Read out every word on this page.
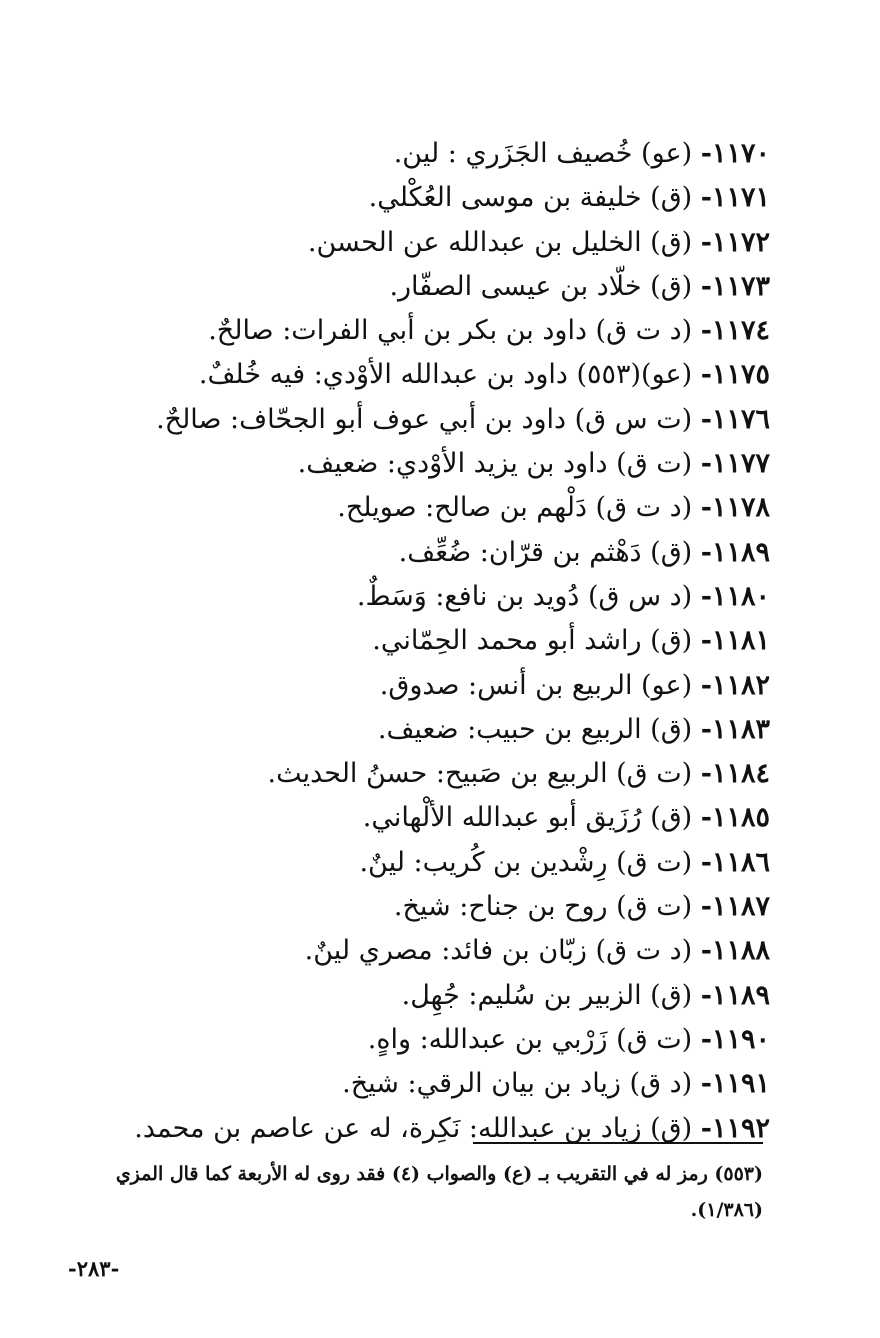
١١٧٠- (عو) خُصيف الجَزَري : لين.
١١٧١- (ق) خليفة بن موسى العُكْلي.
١١٧٢- (ق) الخليل بن عبدالله عن الحسن.
١١٧٣- (ق) خلّاد بن عيسى الصفّار.
١١٧٤- (د ت ق) داود بن بكر بن أبي الفرات: صالحٌ.
١١٧٥- (عو)(٥٥٣) داود بن عبدالله الأوْدي: فيه خُلفٌ.
١١٧٦- (ت س ق) داود بن أبي عوف أبو الجحّاف: صالحٌ.
١١٧٧- (ت ق) داود بن يزيد الأوْدي: ضعيف.
١١٧٨- (د ت ق) دَلْهم بن صالح: صويلح.
١١٨٩- (ق) دَهْثم بن قرّان: ضُعِّف.
١١٨٠- (د س ق) دُويد بن نافع: وَسَطٌ.
١١٨١- (ق) راشد أبو محمد الحِمّاني.
١١٨٢- (عو) الربيع بن أنس: صدوق.
١١٨٣- (ق) الربيع بن حبيب: ضعيف.
١١٨٤- (ت ق) الربيع بن صَبيح: حسنُ الحديث.
١١٨٥- (ق) رُزَيق أبو عبدالله الألْهاني.
١١٨٦- (ت ق) رِشْدين بن كُريب: لينٌ.
١١٨٧- (ت ق) روح بن جناح: شيخ.
١١٨٨- (د ت ق) زبّان بن فائد: مصري لينٌ.
١١٨٩- (ق) الزبير بن سُليم: جُهِل.
١١٩٠- (ت ق) زَرْبي بن عبدالله: واهٍ.
١١٩١- (د ق) زياد بن بيان الرقي: شيخ.
١١٩٢- (ق) زياد بن عبدالله: نَكِرة، له عن عاصم بن محمد.
(٥٥٣) رمز له في التقريب بـ (ع) والصواب (٤) فقد روى له الأربعة كما قال المزي
(١/٣٨٦).
-٢٨٣-
